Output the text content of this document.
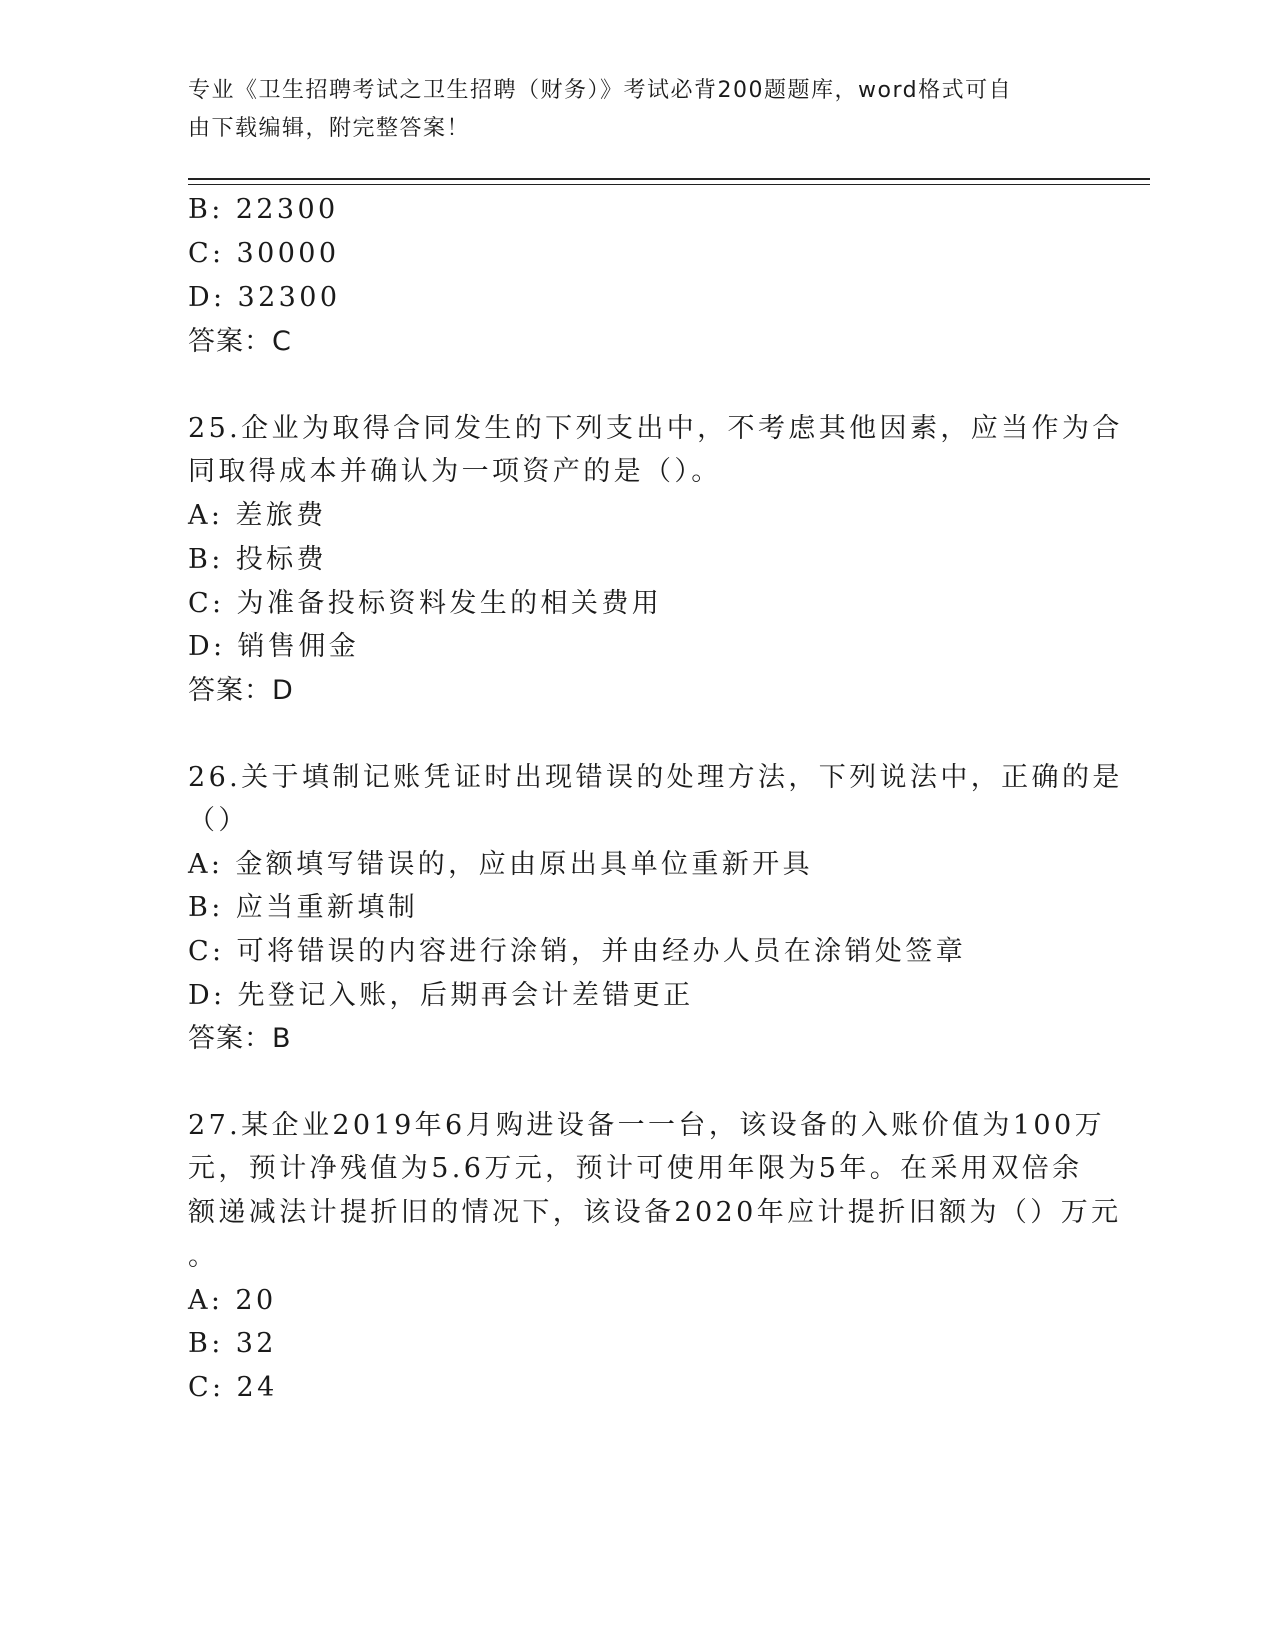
专业《卫生招聘考试之卫生招聘（财务）》考试必背200题题库，word格式可自
由下载编辑，附完整答案！
B: 22300
C: 30000
D: 32300
答案：C
25.企业为取得合同发生的下列支出中，不考虑其他因素，应当作为合
同取得成本并确认为一项资产的是（）。
A: 差旅费
B: 投标费
C: 为准备投标资料发生的相关费用
D: 销售佣金
答案：D
26.关于填制记账凭证时出现错误的处理方法，下列说法中，正确的是
（）
A: 金额填写错误的，应由原出具单位重新开具
B: 应当重新填制
C: 可将错误的内容进行涂销，并由经办人员在涂销处签章
D: 先登记入账，后期再会计差错更正
答案：B
27.某企业2019年6月购进设备一一台，该设备的入账价值为100万
元，预计净残值为5.6万元，预计可使用年限为5年。在采用双倍余
额递减法计提折旧的情况下，该设备2020年应计提折旧额为（）万元
。
A: 20
B: 32
C: 24
